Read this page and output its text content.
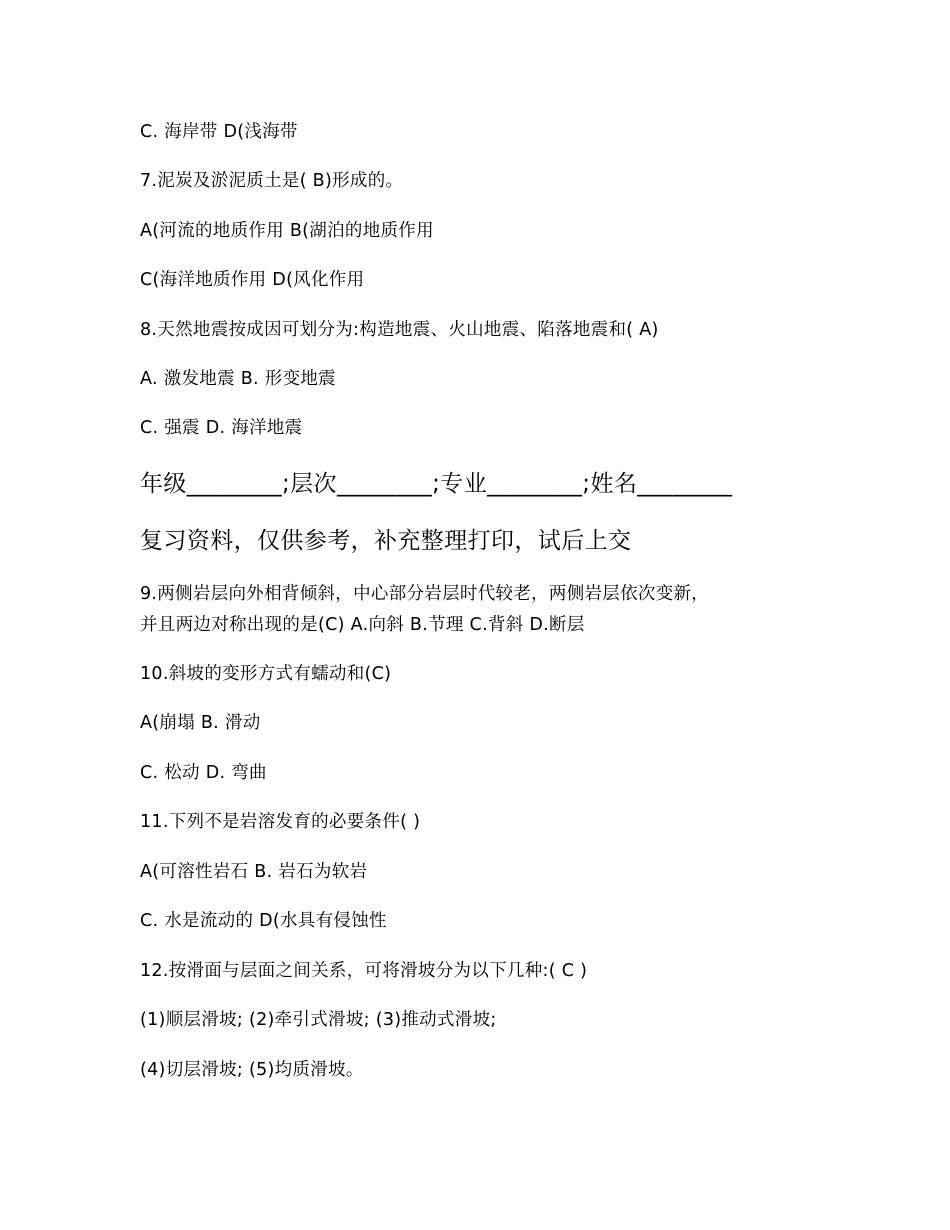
C. 海岸带 D(浅海带
7.泥炭及淤泥质土是( B)形成的。
A(河流的地质作用 B(湖泊的地质作用
C(海洋地质作用 D(风化作用
8.天然地震按成因可划分为:构造地震、火山地震、陷落地震和( A)
A. 激发地震 B. 形变地震
C. 强震 D. 海洋地震
年级________;层次________;专业________;姓名________
复习资料，仅供参考，补充整理打印，试后上交
9.两侧岩层向外相背倾斜，中心部分岩层时代较老，两侧岩层依次变新，
并且两边对称出现的是(C) A.向斜 B.节理 C.背斜 D.断层
10.斜坡的变形方式有蠕动和(C)
A(崩塌 B. 滑动
C. 松动 D. 弯曲
11.下列不是岩溶发育的必要条件( )
A(可溶性岩石 B. 岩石为软岩
C. 水是流动的 D(水具有侵蚀性
12.按滑面与层面之间关系，可将滑坡分为以下几种:( C )
(1)顺层滑坡; (2)牵引式滑坡; (3)推动式滑坡;
(4)切层滑坡; (5)均质滑坡。
